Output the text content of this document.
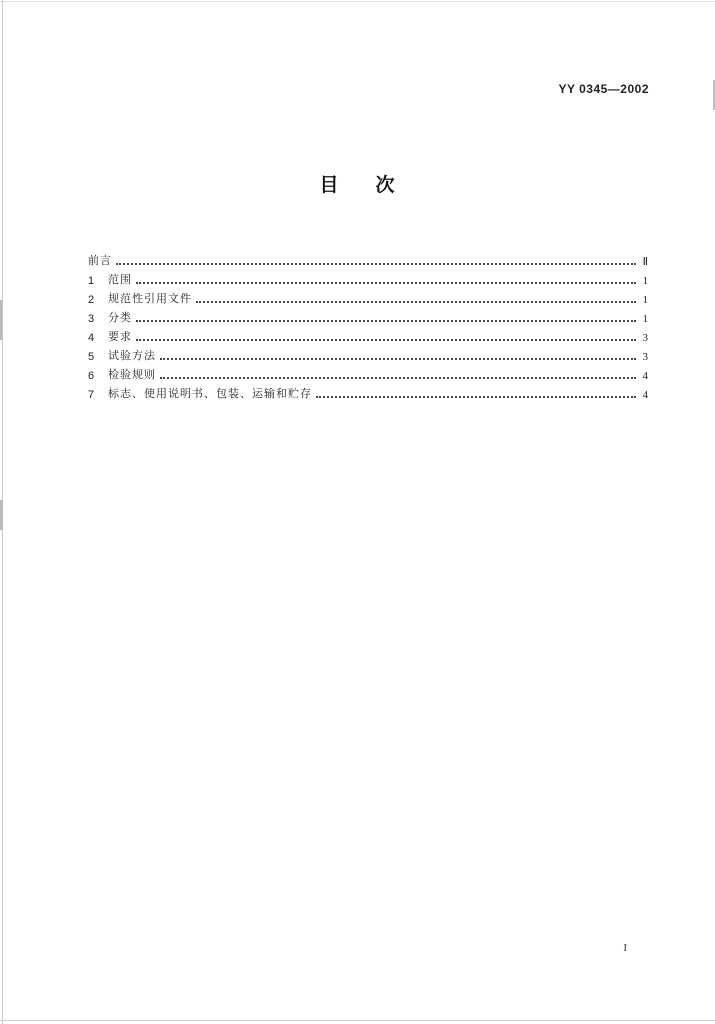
YY 0345—2002
目 次
前言	Ⅱ
1	范围	1
2	规范性引用文件	1
3	分类	1
4	要求	3
5	试验方法	3
6	检验规则	4
7	标志、使用说明书、包装、运输和贮存	4
I
